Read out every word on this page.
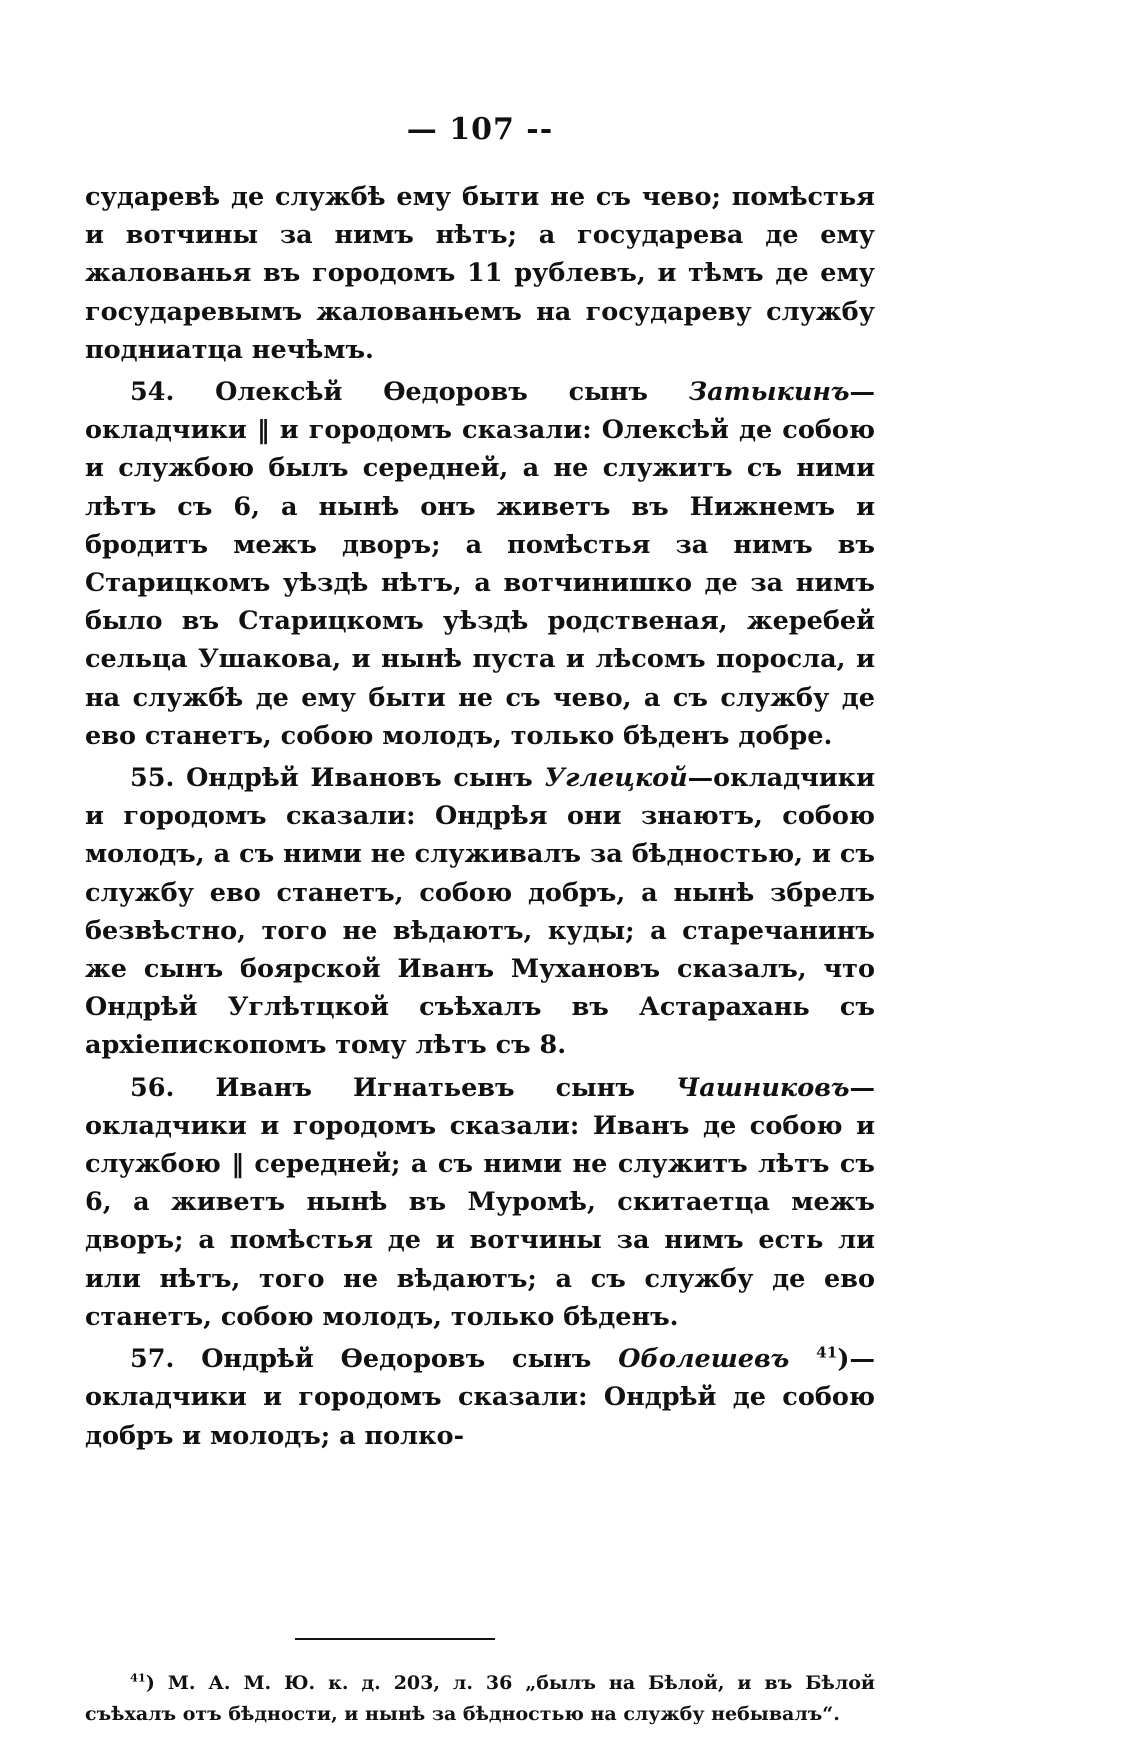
— 107 --

сударевѣ де службѣ ему быти не съ чево; помѣстья и вотчины за нимъ нѣтъ; а государева де ему жалованья въ городомъ 11 рублевъ, и тѣмъ де ему государевымъ жалованьемъ на государеву службу подниатца нечѣмъ.

54. Олексѣй Өедоровъ сынъ Затыкинъ—окладчики ‖ и городомъ сказали: Олексѣй де собою и службою былъ середней, а не служитъ съ ними лѣтъ съ 6, а нынѣ онъ живетъ въ Нижнемъ и бродитъ межъ дворъ; а помѣстья за нимъ въ Старицкомъ уѣздѣ нѣтъ, а вотчинишко де за нимъ было въ Старицкомъ уѣздѣ родственая, жеребей сельца Ушакова, и нынѣ пуста и лѣсомъ поросла, и на службѣ де ему быти не съ чево, а съ службу де ево станетъ, собою молодъ, только бѣденъ добре.

55. Ондрѣй Ивановъ сынъ Углецкой—окладчики и городомъ сказали: Ондрѣя они знаютъ, собою молодъ, а съ ними не служивалъ за бѣдностью, и съ службу ево станетъ, собою добръ, а нынѣ збрелъ безвѣстно, того не вѣдаютъ, куды; а старечанинъ же сынъ боярской Иванъ Мухановъ сказалъ, что Ондрѣй Углѣтцкой съѣхалъ въ Астарахань съ архiепископомъ тому лѣтъ съ 8.

56. Иванъ Игнатьевъ сынъ Чашниковъ—окладчики и городомъ сказали: Иванъ де собою и службою ‖ середней; а съ ними не служитъ лѣтъ съ 6, а живетъ нынѣ въ Муромѣ, скитаетца межъ дворъ; а помѣстья де и вотчины за нимъ есть ли или нѣтъ, того не вѣдаютъ; а съ службу де ево станетъ, собою молодъ, только бѣденъ.

57. Ондрѣй Өедоровъ сынъ Оболешевъ $^{41}$)—окладчики и городомъ сказали: Ондрѣй де собою добръ и молодъ; а полко-

$^{41}$) М. А. М. Ю. к. д. 203, л. 36 „былъ на Бѣлой, и въ Бѣлой съѣхалъ отъ бѣдности, и нынѣ за бѣдностью на службу небывалъ“.
